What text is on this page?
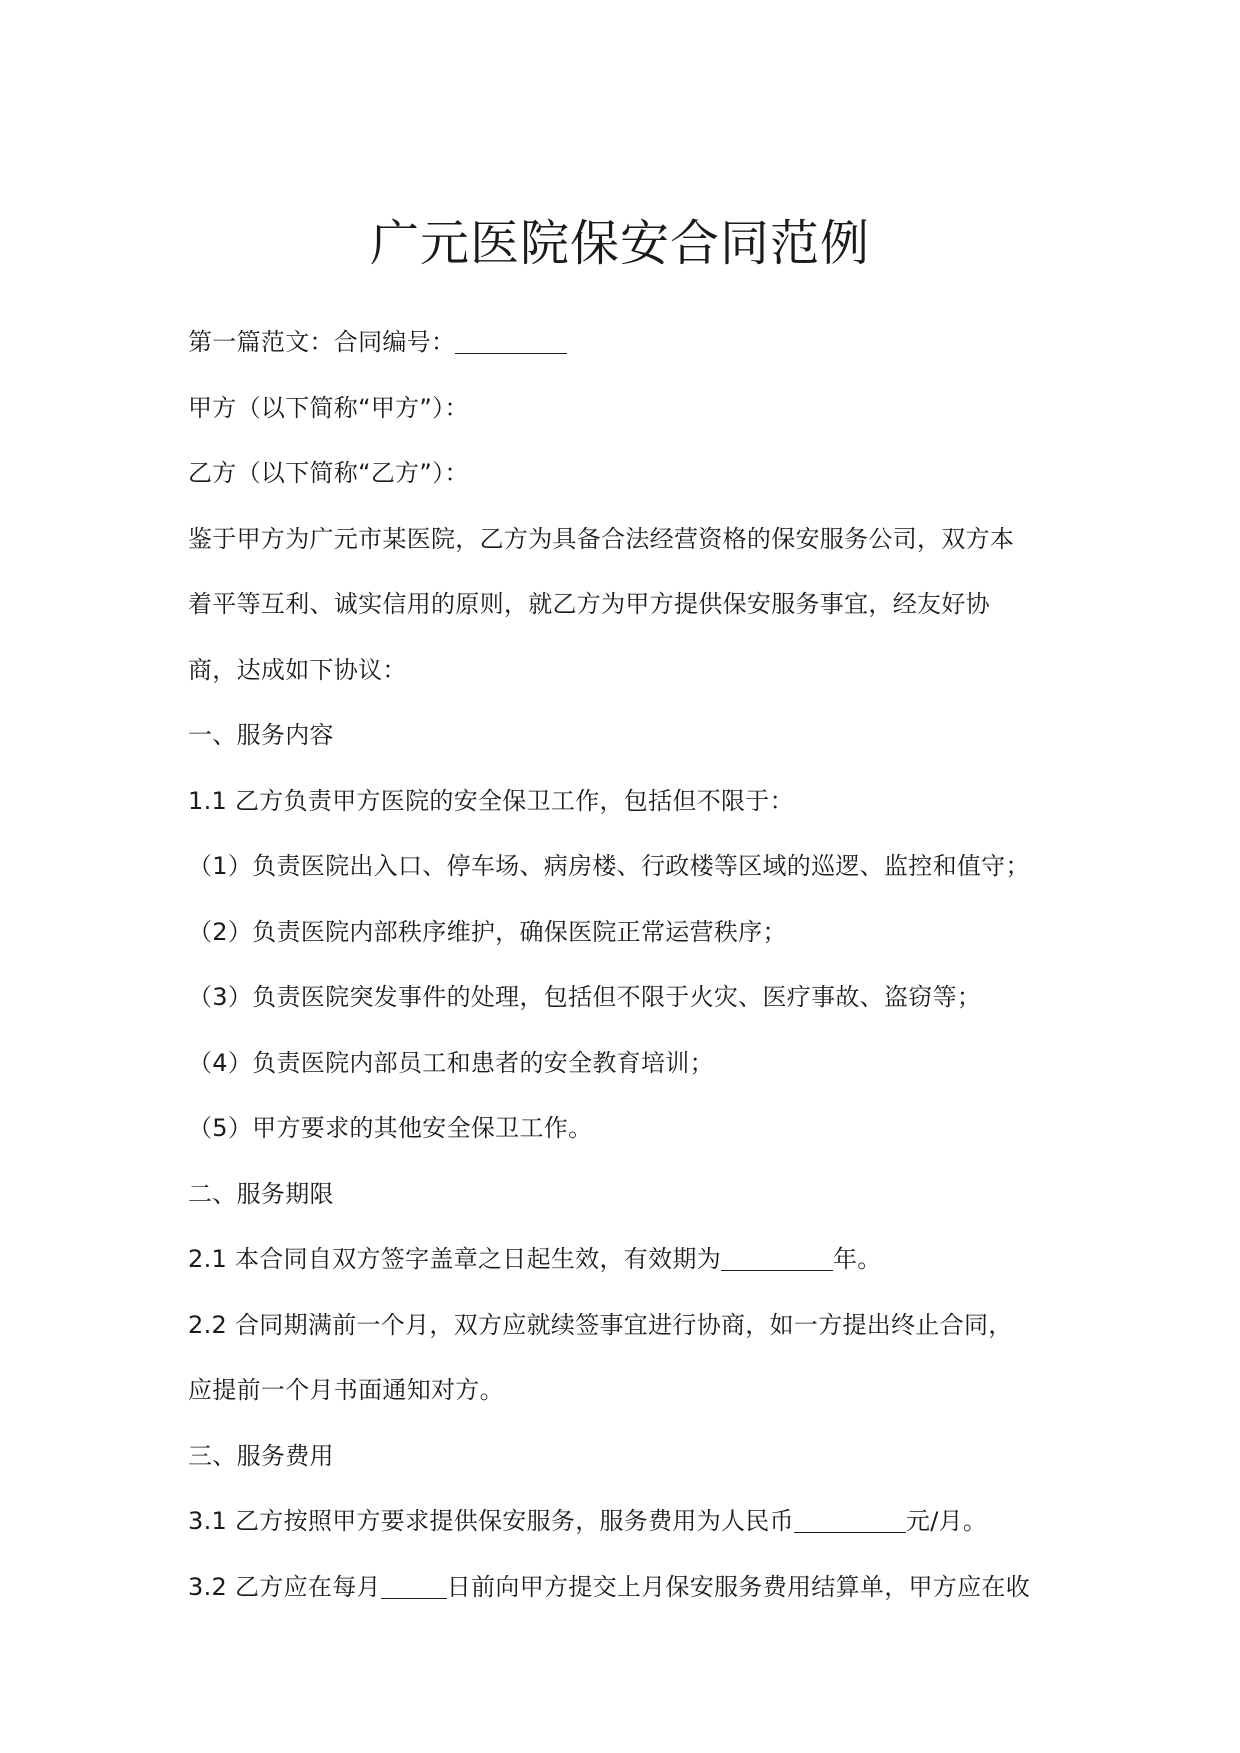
广元医院保安合同范例
第一篇范文：合同编号：
甲方（以下简称“甲方”）：
乙方（以下简称“乙方”）：
鉴于甲方为广元市某医院，乙方为具备合法经营资格的保安服务公司，双方本
着平等互利、诚实信用的原则，就乙方为甲方提供保安服务事宜，经友好协
商，达成如下协议：
一、服务内容
1.1 乙方负责甲方医院的安全保卫工作，包括但不限于：
（1）负责医院出入口、停车场、病房楼、行政楼等区域的巡逻、监控和值守；
（2）负责医院内部秩序维护，确保医院正常运营秩序；
（3）负责医院突发事件的处理，包括但不限于火灾、医疗事故、盗窃等；
（4）负责医院内部员工和患者的安全教育培训；
（5）甲方要求的其他安全保卫工作。
二、服务期限
2.1 本合同自双方签字盖章之日起生效，有效期为	年。
2.2 合同期满前一个月，双方应就续签事宜进行协商，如一方提出终止合同，
应提前一个月书面通知对方。
三、服务费用
3.1 乙方按照甲方要求提供保安服务，服务费用为人民币	元/月。
3.2 乙方应在每月	日前向甲方提交上月保安服务费用结算单，甲方应在收
